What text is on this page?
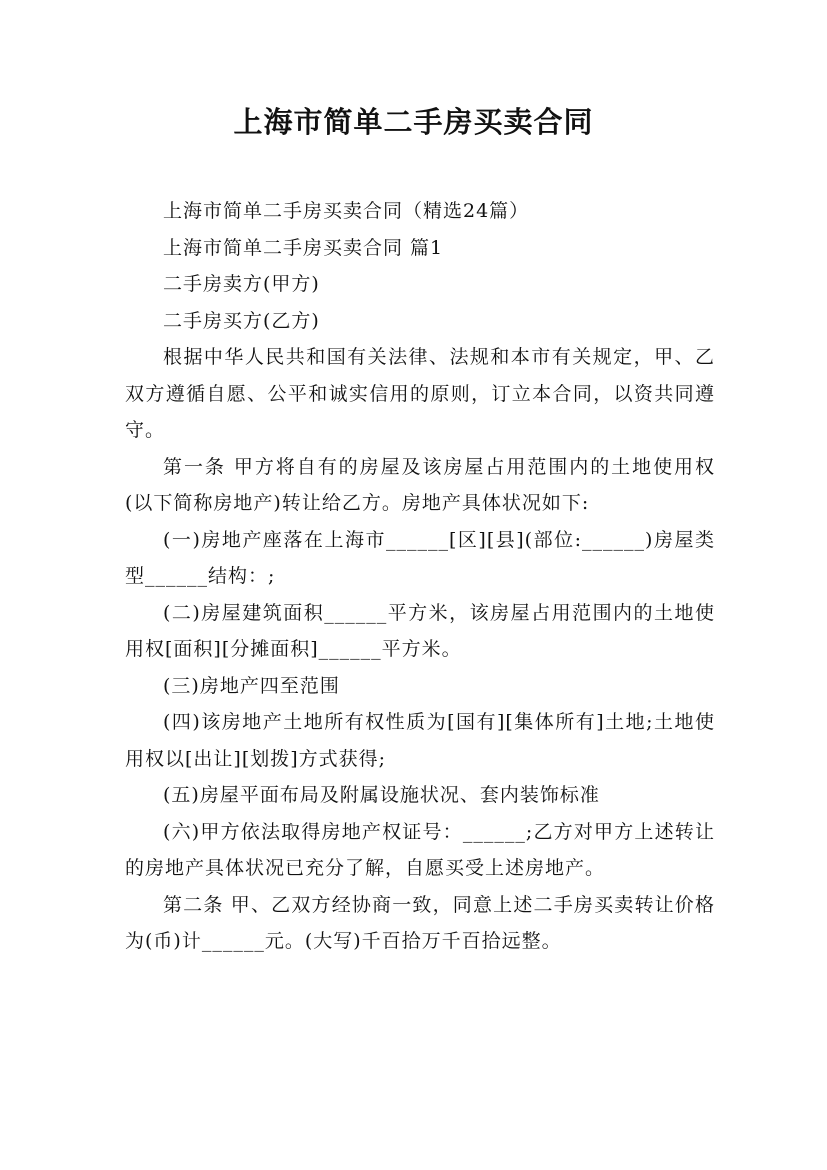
上海市简单二手房买卖合同

上海市简单二手房买卖合同（精选24篇）

上海市简单二手房买卖合同 篇1

二手房卖方(甲方)

二手房买方(乙方)

根据中华人民共和国有关法律、法规和本市有关规定，甲、乙双方遵循自愿、公平和诚实信用的原则，订立本合同，以资共同遵守。

第一条 甲方将自有的房屋及该房屋占用范围内的土地使用权(以下简称房地产)转让给乙方。房地产具体状况如下:

(一)房地产座落在上海市______[区][县](部位:______)房屋类型______结构：;

(二)房屋建筑面积______平方米，该房屋占用范围内的土地使用权[面积][分摊面积]______平方米。

(三)房地产四至范围

(四)该房地产土地所有权性质为[国有][集体所有]土地;土地使用权以[出让][划拨]方式获得;

(五)房屋平面布局及附属设施状况、套内装饰标准

(六)甲方依法取得房地产权证号：______;乙方对甲方上述转让的房地产具体状况已充分了解，自愿买受上述房地产。

第二条 甲、乙双方经协商一致，同意上述二手房买卖转让价格为(币)计______元。(大写)千百拾万千百拾远整。
